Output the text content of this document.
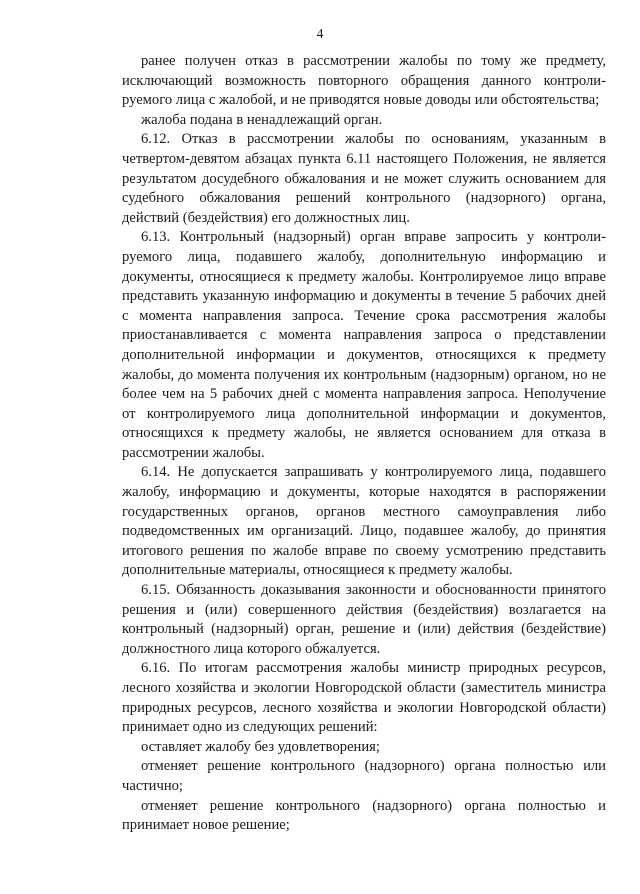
4

ранее получен отказ в рассмотрении жалобы по тому же предмету, исключающий возможность повторного обращения данного контролируемого лица с жалобой, и не приводятся новые доводы или обстоятельства;

жалоба подана в ненадлежащий орган.

6.12. Отказ в рассмотрении жалобы по основаниям, указанным в четвертом-девятом абзацах пункта 6.11 настоящего Положения, не является результатом досудебного обжалования и не может служить основанием для судебного обжалования решений контрольного (надзорного) органа, действий (бездействия) его должностных лиц.

6.13. Контрольный (надзорный) орган вправе запросить у контролируемого лица, подавшего жалобу, дополнительную информацию и документы, относящиеся к предмету жалобы. Контролируемое лицо вправе представить указанную информацию и документы в течение 5 рабочих дней с момента направления запроса. Течение срока рассмотрения жалобы приостанавливается с момента направления запроса о представлении дополнительной информации и документов, относящихся к предмету жалобы, до момента получения их контрольным (надзорным) органом, но не более чем на 5 рабочих дней с момента направления запроса. Неполучение от контролируемого лица дополнительной информации и документов, относящихся к предмету жалобы, не является основанием для отказа в рассмотрении жалобы.

6.14. Не допускается запрашивать у контролируемого лица, подавшего жалобу, информацию и документы, которые находятся в распоряжении государственных органов, органов местного самоуправления либо подведомственных им организаций. Лицо, подавшее жалобу, до принятия итогового решения по жалобе вправе по своему усмотрению представить дополнительные материалы, относящиеся к предмету жалобы.

6.15. Обязанность доказывания законности и обоснованности принятого решения и (или) совершенного действия (бездействия) возлагается на контрольный (надзорный) орган, решение и (или) действия (бездействие) должностного лица которого обжалуется.

6.16. По итогам рассмотрения жалобы министр природных ресурсов, лесного хозяйства и экологии Новгородской области (заместитель министра природных ресурсов, лесного хозяйства и экологии Новгородской области) принимает одно из следующих решений:

оставляет жалобу без удовлетворения;

отменяет решение контрольного (надзорного) органа полностью или частично;

отменяет решение контрольного (надзорного) органа полностью и принимает новое решение;
